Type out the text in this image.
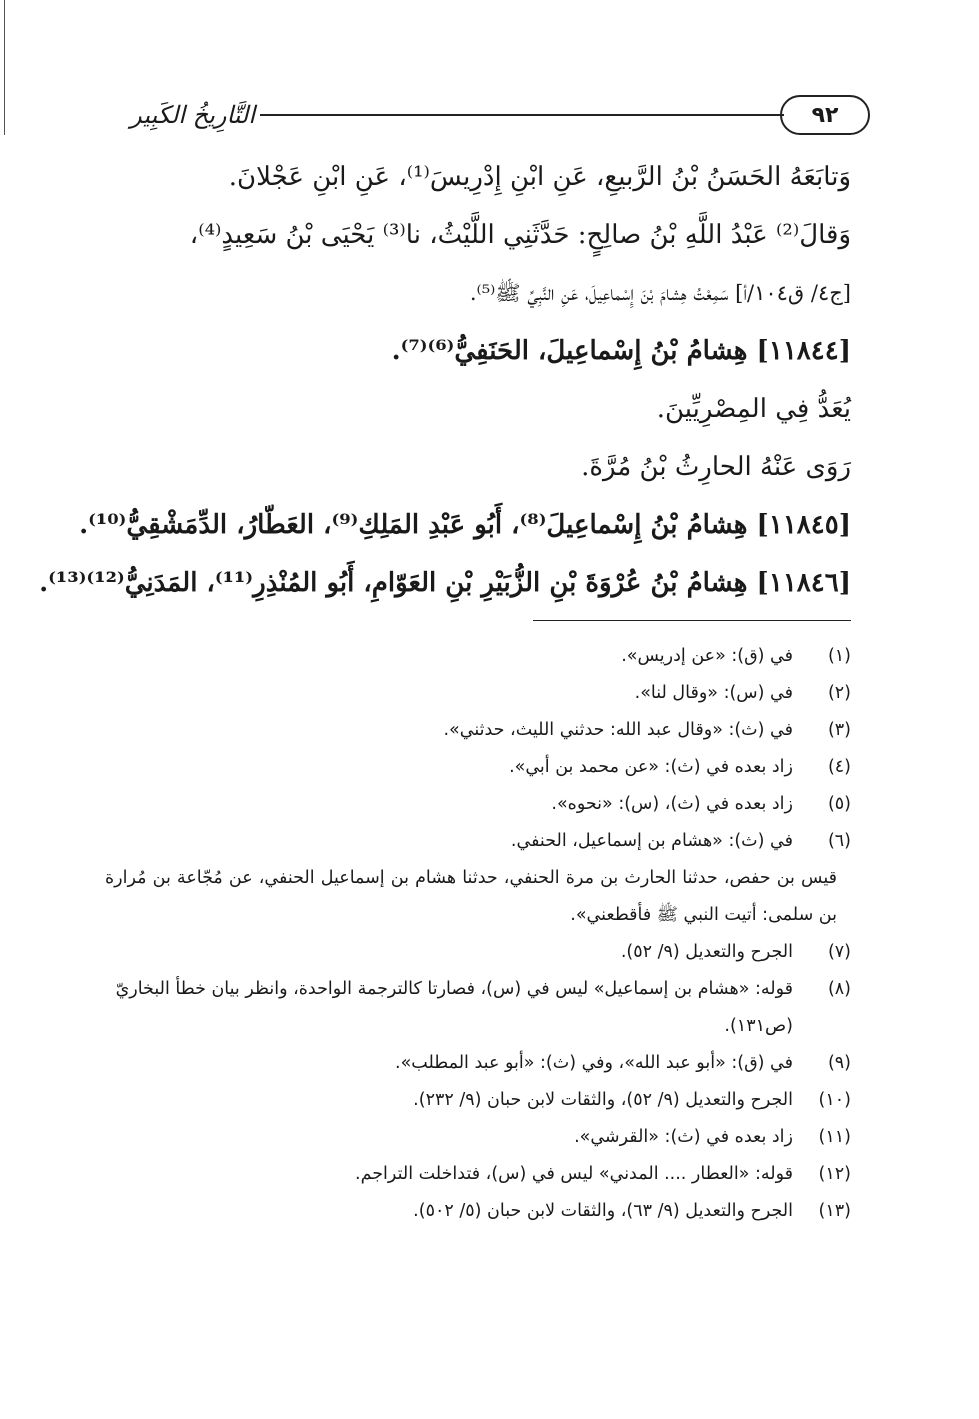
٩٢
التَّارِيخُ الكَبِير
وَتابَعَهُ الحَسَنُ بْنُ الرَّبيعِ، عَنِ ابْنِ إِدْرِيسَ⁽¹⁾، عَنِ ابْنِ عَجْلانَ.
وَقالَ⁽²⁾ عَبْدُ اللَّهِ بْنُ صالِحٍ: حَدَّثَنِي اللَّيْثُ، نا⁽³⁾ يَحْيَى بْنُ سَعِيدٍ⁽⁴⁾،
[ج٤/ ق١٠٤/أ] سَمِعْتُ هِشامَ بْنَ إِسْماعِيلَ، عَنِ النَّبِيِّ ﷺ⁽⁵⁾.
[١١٨٤٤] هِشامُ بْنُ إِسْماعِيلَ، الحَنَفِيُّ⁽⁶⁾⁽⁷⁾.
يُعَدُّ فِي المِصْرِيِّينَ.
رَوَى عَنْهُ الحارِثُ بْنُ مُرَّةَ.
[١١٨٤٥] هِشامُ بْنُ إِسْماعِيلَ⁽⁸⁾، أَبُو عَبْدِ المَلِكِ⁽⁹⁾، العَطّارُ، الدِّمَشْقِيُّ⁽¹⁰⁾.
[١١٨٤٦] هِشامُ بْنُ عُرْوَةَ بْنِ الزُّبَيْرِ بْنِ العَوّامِ، أَبُو المُنْذِرِ⁽¹¹⁾، المَدَنِيُّ⁽¹²⁾⁽¹³⁾.
(١)
في (ق): «عن إدريس».
(٢)
في (س): «وقال لنا».
(٣)
في (ث): «وقال عبد الله: حدثني الليث، حدثني».
(٤)
زاد بعده في (ث): «عن محمد بن أبي».
(٥)
زاد بعده في (ث)، (س): «نحوه».
(٦)
في (ث): «هشام بن إسماعيل، الحنفي.
قيس بن حفص، حدثنا الحارث بن مرة الحنفي، حدثنا هشام بن إسماعيل الحنفي، عن مُجّاعة بن مُرارة بن سلمى: أتيت النبي ﷺ فأقطعني».
(٧)
الجرح والتعديل (٩/ ٥٢).
(٨)
قوله: «هشام بن إسماعيل» ليس في (س)، فصارتا كالترجمة الواحدة، وانظر بيان خطأ البخاريّ (ص١٣١).
(٩)
في (ق): «أبو عبد الله»، وفي (ث): «أبو عبد المطلب».
(١٠)
الجرح والتعديل (٩/ ٥٢)، والثقات لابن حبان (٩/ ٢٣٢).
(١١)
زاد بعده في (ث): «القرشي».
(١٢)
قوله: «العطار .... المدني» ليس في (س)، فتداخلت التراجم.
(١٣)
الجرح والتعديل (٩/ ٦٣)، والثقات لابن حبان (٥/ ٥٠٢).
